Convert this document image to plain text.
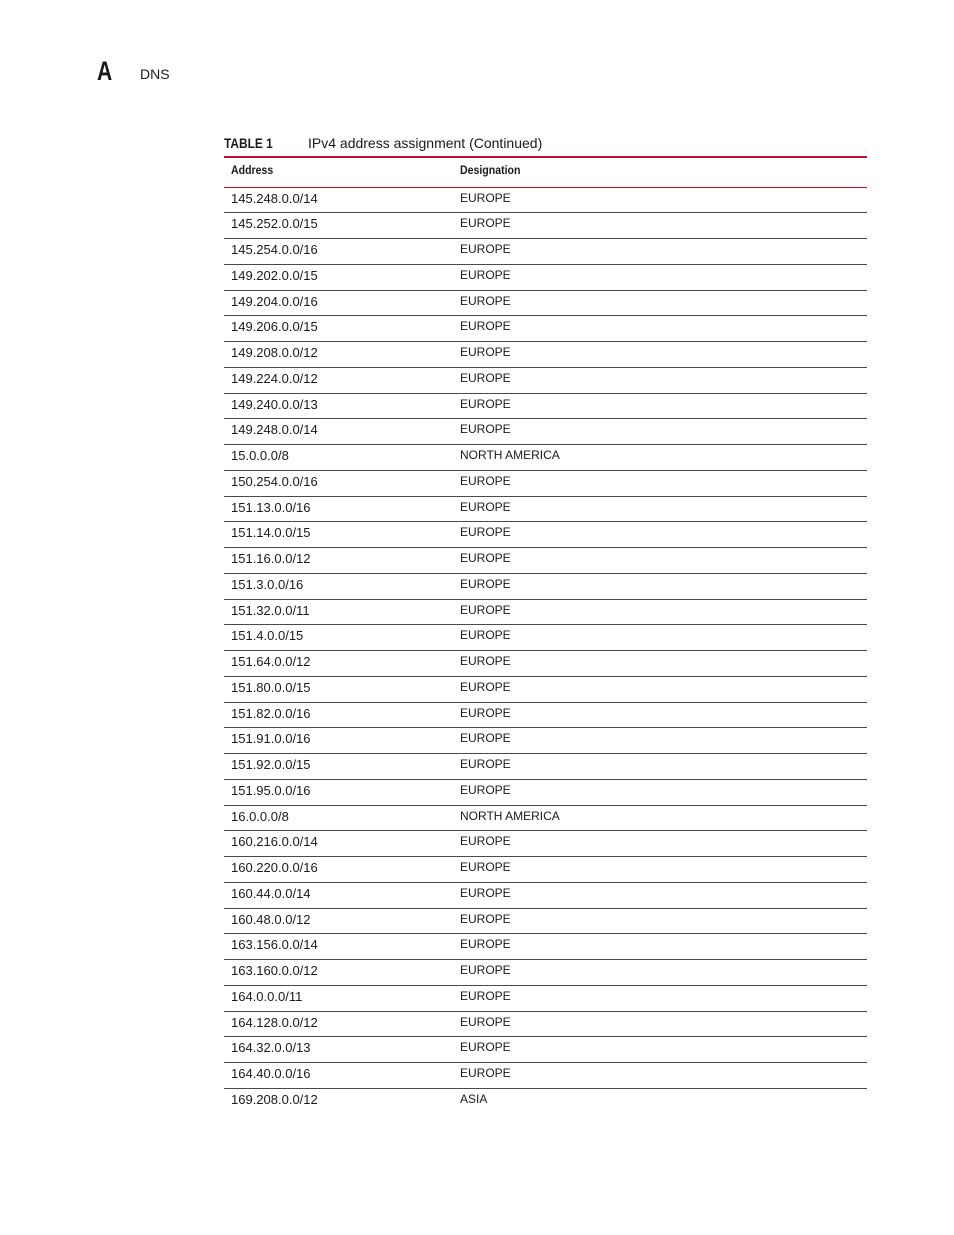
A DNS
TABLE 1	IPv4 address assignment (Continued)
Address	Designation
145.248.0.0/14	EUROPE
145.252.0.0/15	EUROPE
145.254.0.0/16	EUROPE
149.202.0.0/15	EUROPE
149.204.0.0/16	EUROPE
149.206.0.0/15	EUROPE
149.208.0.0/12	EUROPE
149.224.0.0/12	EUROPE
149.240.0.0/13	EUROPE
149.248.0.0/14	EUROPE
15.0.0.0/8	NORTH AMERICA
150.254.0.0/16	EUROPE
151.13.0.0/16	EUROPE
151.14.0.0/15	EUROPE
151.16.0.0/12	EUROPE
151.3.0.0/16	EUROPE
151.32.0.0/11	EUROPE
151.4.0.0/15	EUROPE
151.64.0.0/12	EUROPE
151.80.0.0/15	EUROPE
151.82.0.0/16	EUROPE
151.91.0.0/16	EUROPE
151.92.0.0/15	EUROPE
151.95.0.0/16	EUROPE
16.0.0.0/8	NORTH AMERICA
160.216.0.0/14	EUROPE
160.220.0.0/16	EUROPE
160.44.0.0/14	EUROPE
160.48.0.0/12	EUROPE
163.156.0.0/14	EUROPE
163.160.0.0/12	EUROPE
164.0.0.0/11	EUROPE
164.128.0.0/12	EUROPE
164.32.0.0/13	EUROPE
164.40.0.0/16	EUROPE
169.208.0.0/12	ASIA
